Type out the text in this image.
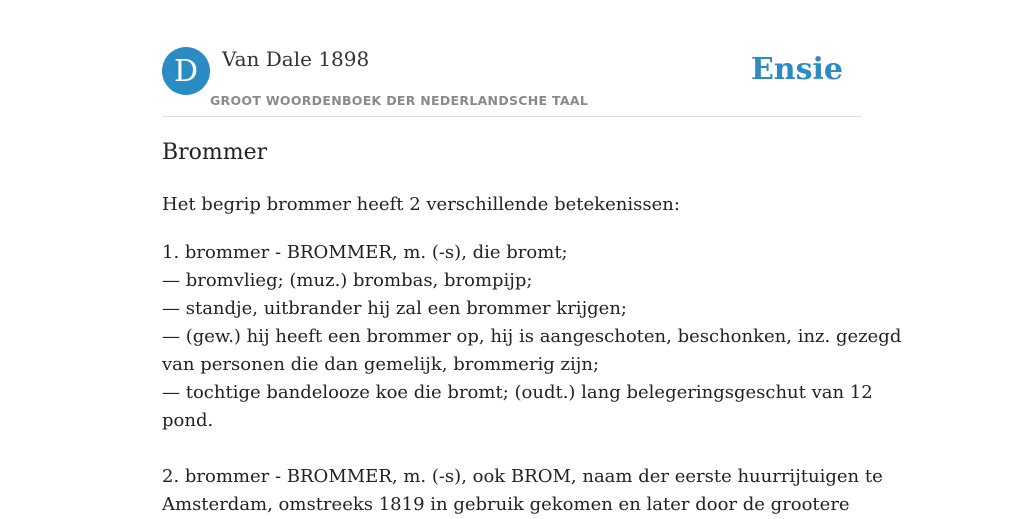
D	Van Dale 1898
GROOT WOORDENBOEK DER NEDERLANDSCHE TAAL
Ensie
Brommer

Het begrip brommer heeft 2 verschillende betekenissen:

1. brommer - BROMMER, m. (-s), die bromt;
— bromvlieg; (muz.) brombas, brompijp;
— standje, uitbrander hij zal een brommer krijgen;
— (gew.) hij heeft een brommer op, hij is aangeschoten, beschonken, inz. gezegd
van personen die dan gemelijk, brommerig zijn;
— tochtige bandelooze koe die bromt; (oudt.) lang belegeringsgeschut van 12
pond.
2. brommer - BROMMER, m. (-s), ook BROM, naam der eerste huurrijtuigen te
Amsterdam, omstreeks 1819 in gebruik gekomen en later door de grootere
